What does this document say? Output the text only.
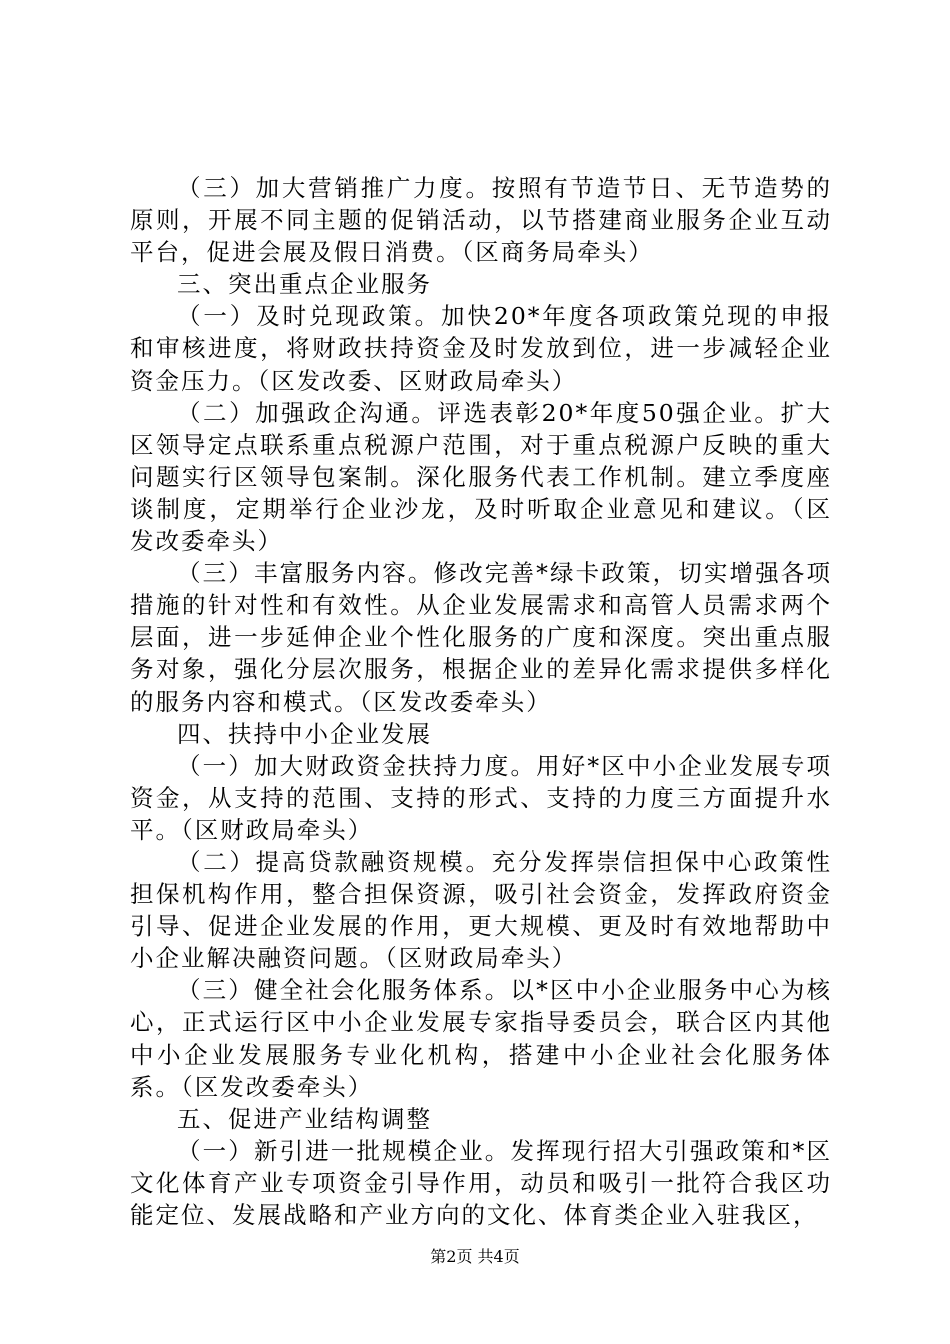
（三）加大营销推广力度。按照有节造节日、无节造势的原则，开展不同主题的促销活动，以节搭建商业服务企业互动平台，促进会展及假日消费。（区商务局牵头）

三、突出重点企业服务

（一）及时兑现政策。加快20*年度各项政策兑现的申报和审核进度，将财政扶持资金及时发放到位，进一步减轻企业资金压力。（区发改委、区财政局牵头）

（二）加强政企沟通。评选表彰20*年度50强企业。扩大区领导定点联系重点税源户范围，对于重点税源户反映的重大问题实行区领导包案制。深化服务代表工作机制。建立季度座谈制度，定期举行企业沙龙，及时听取企业意见和建议。（区发改委牵头）

（三）丰富服务内容。修改完善*绿卡政策，切实增强各项措施的针对性和有效性。从企业发展需求和高管人员需求两个层面，进一步延伸企业个性化服务的广度和深度。突出重点服务对象，强化分层次服务，根据企业的差异化需求提供多样化的服务内容和模式。（区发改委牵头）

四、扶持中小企业发展

（一）加大财政资金扶持力度。用好*区中小企业发展专项资金，从支持的范围、支持的形式、支持的力度三方面提升水平。（区财政局牵头）

（二）提高贷款融资规模。充分发挥崇信担保中心政策性担保机构作用，整合担保资源，吸引社会资金，发挥政府资金引导、促进企业发展的作用，更大规模、更及时有效地帮助中小企业解决融资问题。（区财政局牵头）

（三）健全社会化服务体系。以*区中小企业服务中心为核心，正式运行区中小企业发展专家指导委员会，联合区内其他中小企业发展服务专业化机构，搭建中小企业社会化服务体系。（区发改委牵头）

五、促进产业结构调整

（一）新引进一批规模企业。发挥现行招大引强政策和*区文化体育产业专项资金引导作用，动员和吸引一批符合我区功能定位、发展战略和产业方向的文化、体育类企业入驻我区，

第2页 共4页
